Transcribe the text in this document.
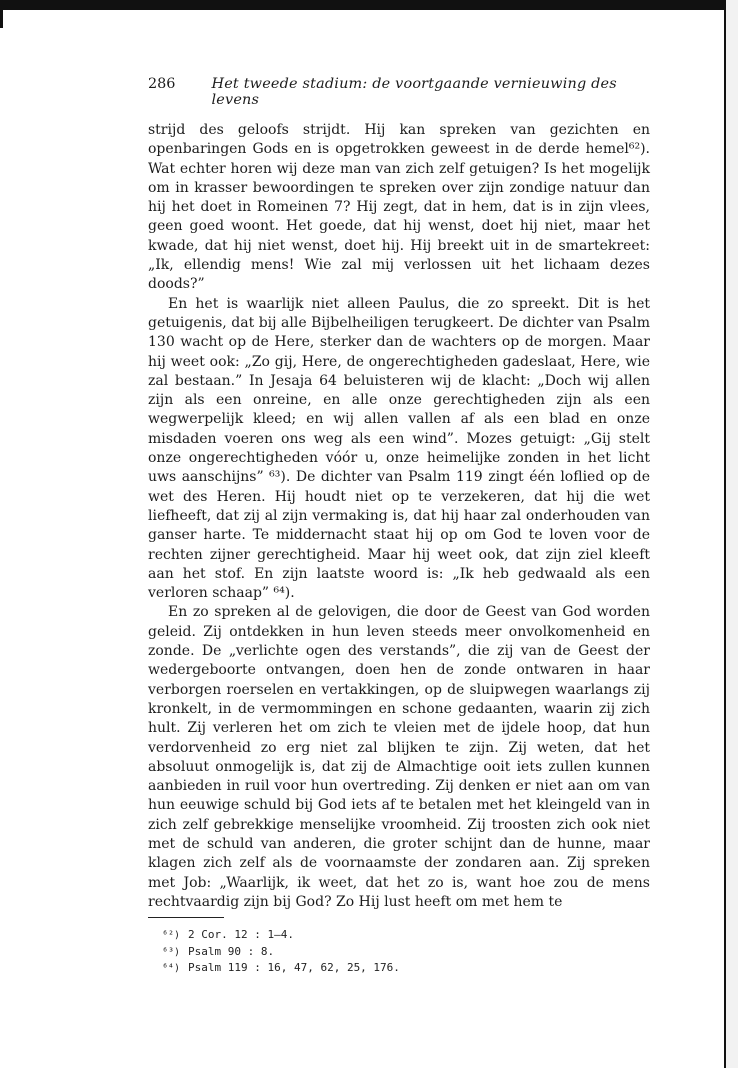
286	Het tweede stadium: de voortgaande vernieuwing des levens

strijd des geloofs strijdt. Hij kan spreken van gezichten en openbaringen Gods en is opgetrokken geweest in de derde hemel⁶²). Wat echter horen wij deze man van zich zelf getuigen? Is het mogelijk om in krasser bewoordingen te spreken over zijn zondige natuur dan hij het doet in Romeinen 7? Hij zegt, dat in hem, dat is in zijn vlees, geen goed woont. Het goede, dat hij wenst, doet hij niet, maar het kwade, dat hij niet wenst, doet hij. Hij breekt uit in de smartekreet: „Ik, ellendig mens! Wie zal mij verlossen uit het lichaam dezes doods?”

En het is waarlijk niet alleen Paulus, die zo spreekt. Dit is het getuigenis, dat bij alle Bijbelheiligen terugkeert. De dichter van Psalm 130 wacht op de Here, sterker dan de wachters op de morgen. Maar hij weet ook: „Zo gij, Here, de ongerechtigheden gadeslaat, Here, wie zal bestaan.” In Jesaja 64 beluisteren wij de klacht: „Doch wij allen zijn als een onreine, en alle onze gerechtigheden zijn als een wegwerpelijk kleed; en wij allen vallen af als een blad en onze misdaden voeren ons weg als een wind”. Mozes getuigt: „Gij stelt onze ongerechtigheden vóór u, onze heimelijke zonden in het licht uws aanschijns” ⁶³). De dichter van Psalm 119 zingt één loflied op de wet des Heren. Hij houdt niet op te verzekeren, dat hij die wet liefheeft, dat zij al zijn vermaking is, dat hij haar zal onderhouden van ganser harte. Te middernacht staat hij op om God te loven voor de rechten zijner gerechtigheid. Maar hij weet ook, dat zijn ziel kleeft aan het stof. En zijn laatste woord is: „Ik heb gedwaald als een verloren schaap” ⁶⁴).

En zo spreken al de gelovigen, die door de Geest van God worden geleid. Zij ontdekken in hun leven steeds meer onvolkomenheid en zonde. De „verlichte ogen des verstands”, die zij van de Geest der wedergeboorte ontvangen, doen hen de zonde ontwaren in haar verborgen roerselen en vertakkingen, op de sluipwegen waarlangs zij kronkelt, in de vermommingen en schone gedaanten, waarin zij zich hult. Zij verleren het om zich te vleien met de ijdele hoop, dat hun verdorvenheid zo erg niet zal blijken te zijn. Zij weten, dat het absoluut onmogelijk is, dat zij de Almachtige ooit iets zullen kunnen aanbieden in ruil voor hun overtreding. Zij denken er niet aan om van hun eeuwige schuld bij God iets af te betalen met het kleingeld van in zich zelf gebrekkige menselijke vroomheid. Zij troosten zich ook niet met de schuld van anderen, die groter schijnt dan de hunne, maar klagen zich zelf als de voornaamste der zondaren aan. Zij spreken met Job: „Waarlijk, ik weet, dat het zo is, want hoe zou de mens rechtvaardig zijn bij God? Zo Hij lust heeft om met hem te

⁶²) 2 Cor. 12 : 1—4.
⁶³) Psalm 90 : 8.
⁶⁴) Psalm 119 : 16, 47, 62, 25, 176.
